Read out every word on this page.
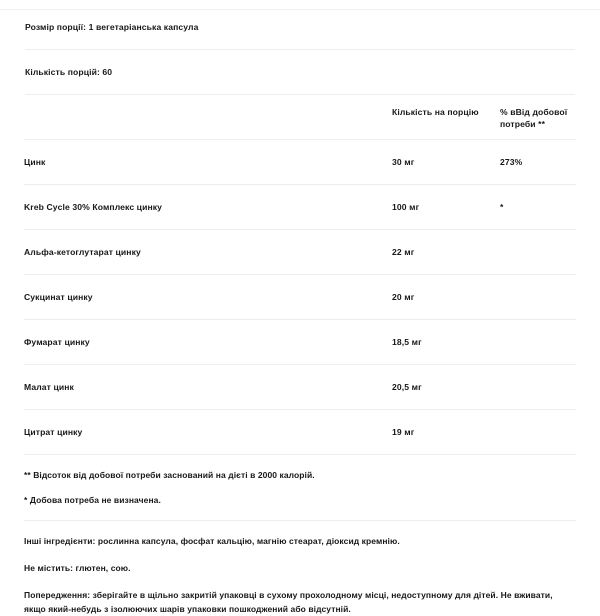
Розмір порції: 1 вегетаріанська капсула
Кількість порцій: 60
Кількість на порцію	% вВід добової потреби **
Цинк	30 мг	273%
Kreb Cycle 30% Комплекс цинку	100 мг	*
Альфа-кетоглутарат цинку	22 мг
Сукцинат цинку	20 мг
Фумарат цинку	18,5 мг
Малат цинк	20,5 мг
Цитрат цинку	19 мг
** Відсоток від добової потреби заснований на дієті в 2000 калорій.
* Добова потреба не визначена.
Інші інгредієнти: рослинна капсула, фосфат кальцію, магнію стеарат, діоксид кремнію.
Не містить: глютен, сою.
Попередження: зберігайте в щільно закритій упаковці в сухому прохолодному місці, недоступному для дітей. Не вживати, якщо який-небудь з ізолюючих шарів упаковки пошкоджений або відсутній.
